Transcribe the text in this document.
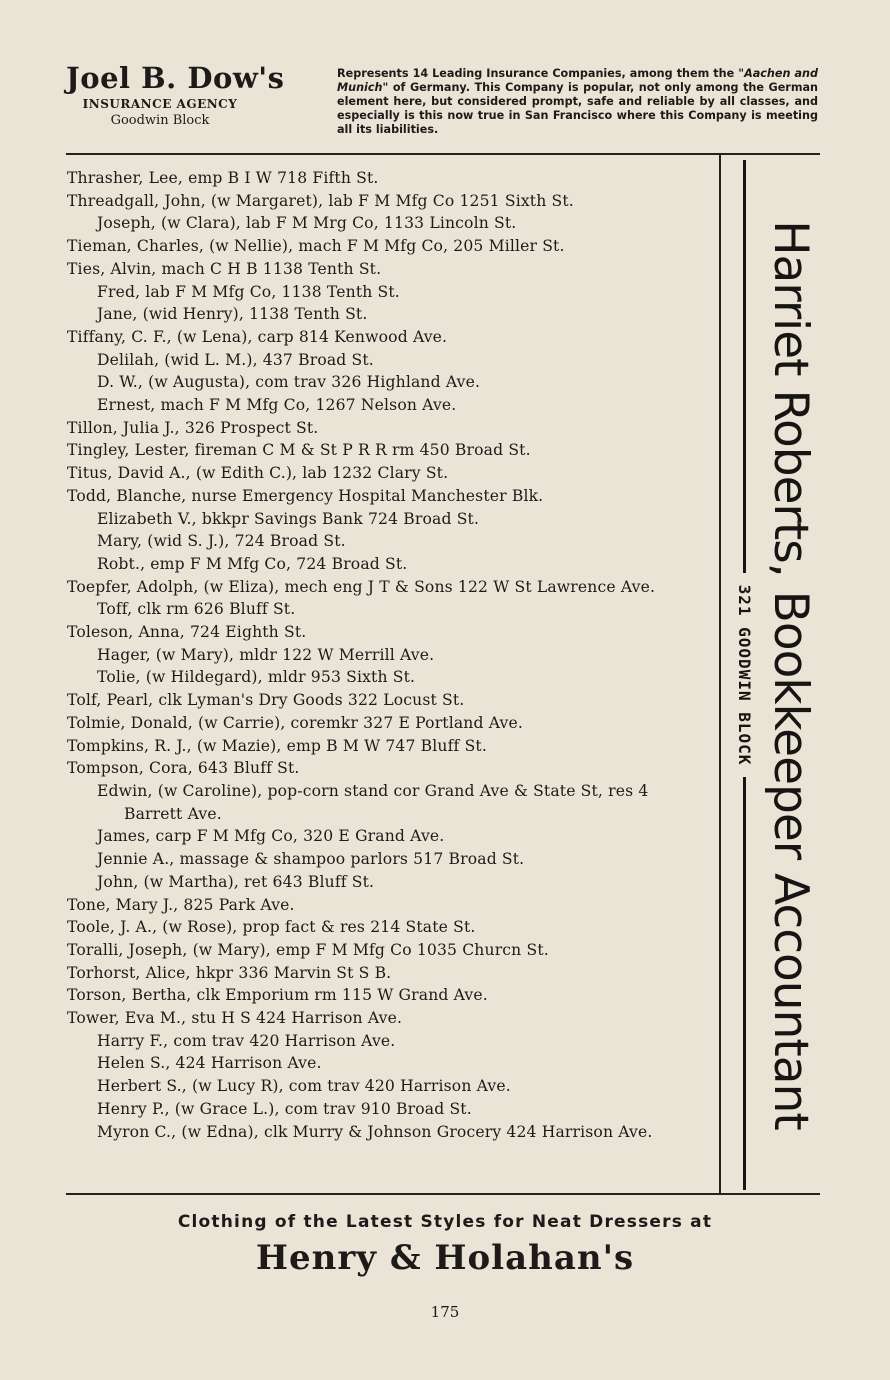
Joel B. Dow's
INSURANCE AGENCY
Goodwin Block
Represents 14 Leading Insurance Companies, among them the "Aachen and Munich" of Germany. This Company is popular, not only among the German element here, but considered prompt, safe and reliable by all classes, and especially is this now true in San Francisco where this Company is meeting all its liabilities.
Thrasher, Lee, emp B I W 718 Fifth St.
Threadgall, John, (w Margaret), lab F M Mfg Co 1251 Sixth St.
Joseph, (w Clara), lab F M Mrg Co, 1133 Lincoln St.
Tieman, Charles, (w Nellie), mach F M Mfg Co, 205 Miller St.
Ties, Alvin, mach C H B 1138 Tenth St.
Fred, lab F M Mfg Co, 1138 Tenth St.
Jane, (wid Henry), 1138 Tenth St.
Tiffany, C. F., (w Lena), carp 814 Kenwood Ave.
Delilah, (wid L. M.), 437 Broad St.
D. W., (w Augusta), com trav 326 Highland Ave.
Ernest, mach F M Mfg Co, 1267 Nelson Ave.
Tillon, Julia J., 326 Prospect St.
Tingley, Lester, fireman C M & St P R R rm 450 Broad St.
Titus, David A., (w Edith C.), lab 1232 Clary St.
Todd, Blanche, nurse Emergency Hospital Manchester Blk.
Elizabeth V., bkkpr Savings Bank 724 Broad St.
Mary, (wid S. J.), 724 Broad St.
Robt., emp F M Mfg Co, 724 Broad St.
Toepfer, Adolph, (w Eliza), mech eng J T & Sons 122 W St Lawrence Ave.
Toff, clk rm 626 Bluff St.
Toleson, Anna, 724 Eighth St.
Hager, (w Mary), mldr 122 W Merrill Ave.
Tolie, (w Hildegard), mldr 953 Sixth St.
Tolf, Pearl, clk Lyman's Dry Goods 322 Locust St.
Tolmie, Donald, (w Carrie), coremkr 327 E Portland Ave.
Tompkins, R. J., (w Mazie), emp B M W 747 Bluff St.
Tompson, Cora, 643 Bluff St.
Edwin, (w Caroline), pop-corn stand cor Grand Ave & State St, res 4 Barrett Ave.
James, carp F M Mfg Co, 320 E Grand Ave.
Jennie A., massage & shampoo parlors 517 Broad St.
John, (w Martha), ret 643 Bluff St.
Tone, Mary J., 825 Park Ave.
Toole, J. A., (w Rose), prop fact & res 214 State St.
Toralli, Joseph, (w Mary), emp F M Mfg Co 1035 Churcn St.
Torhorst, Alice, hkpr 336 Marvin St S B.
Torson, Bertha, clk Emporium rm 115 W Grand Ave.
Tower, Eva M., stu H S 424 Harrison Ave.
Harry F., com trav 420 Harrison Ave.
Helen S., 424 Harrison Ave.
Herbert S., (w Lucy R), com trav 420 Harrison Ave.
Henry P., (w Grace L.), com trav 910 Broad St.
Myron C., (w Edna), clk Murry & Johnson Grocery 424 Harrison Ave.
Harriet Roberts, Bookkeeper Accountant
321 GOODWIN BLOCK
Clothing of the Latest Styles for Neat Dressers at
Henry & Holahan's
175
